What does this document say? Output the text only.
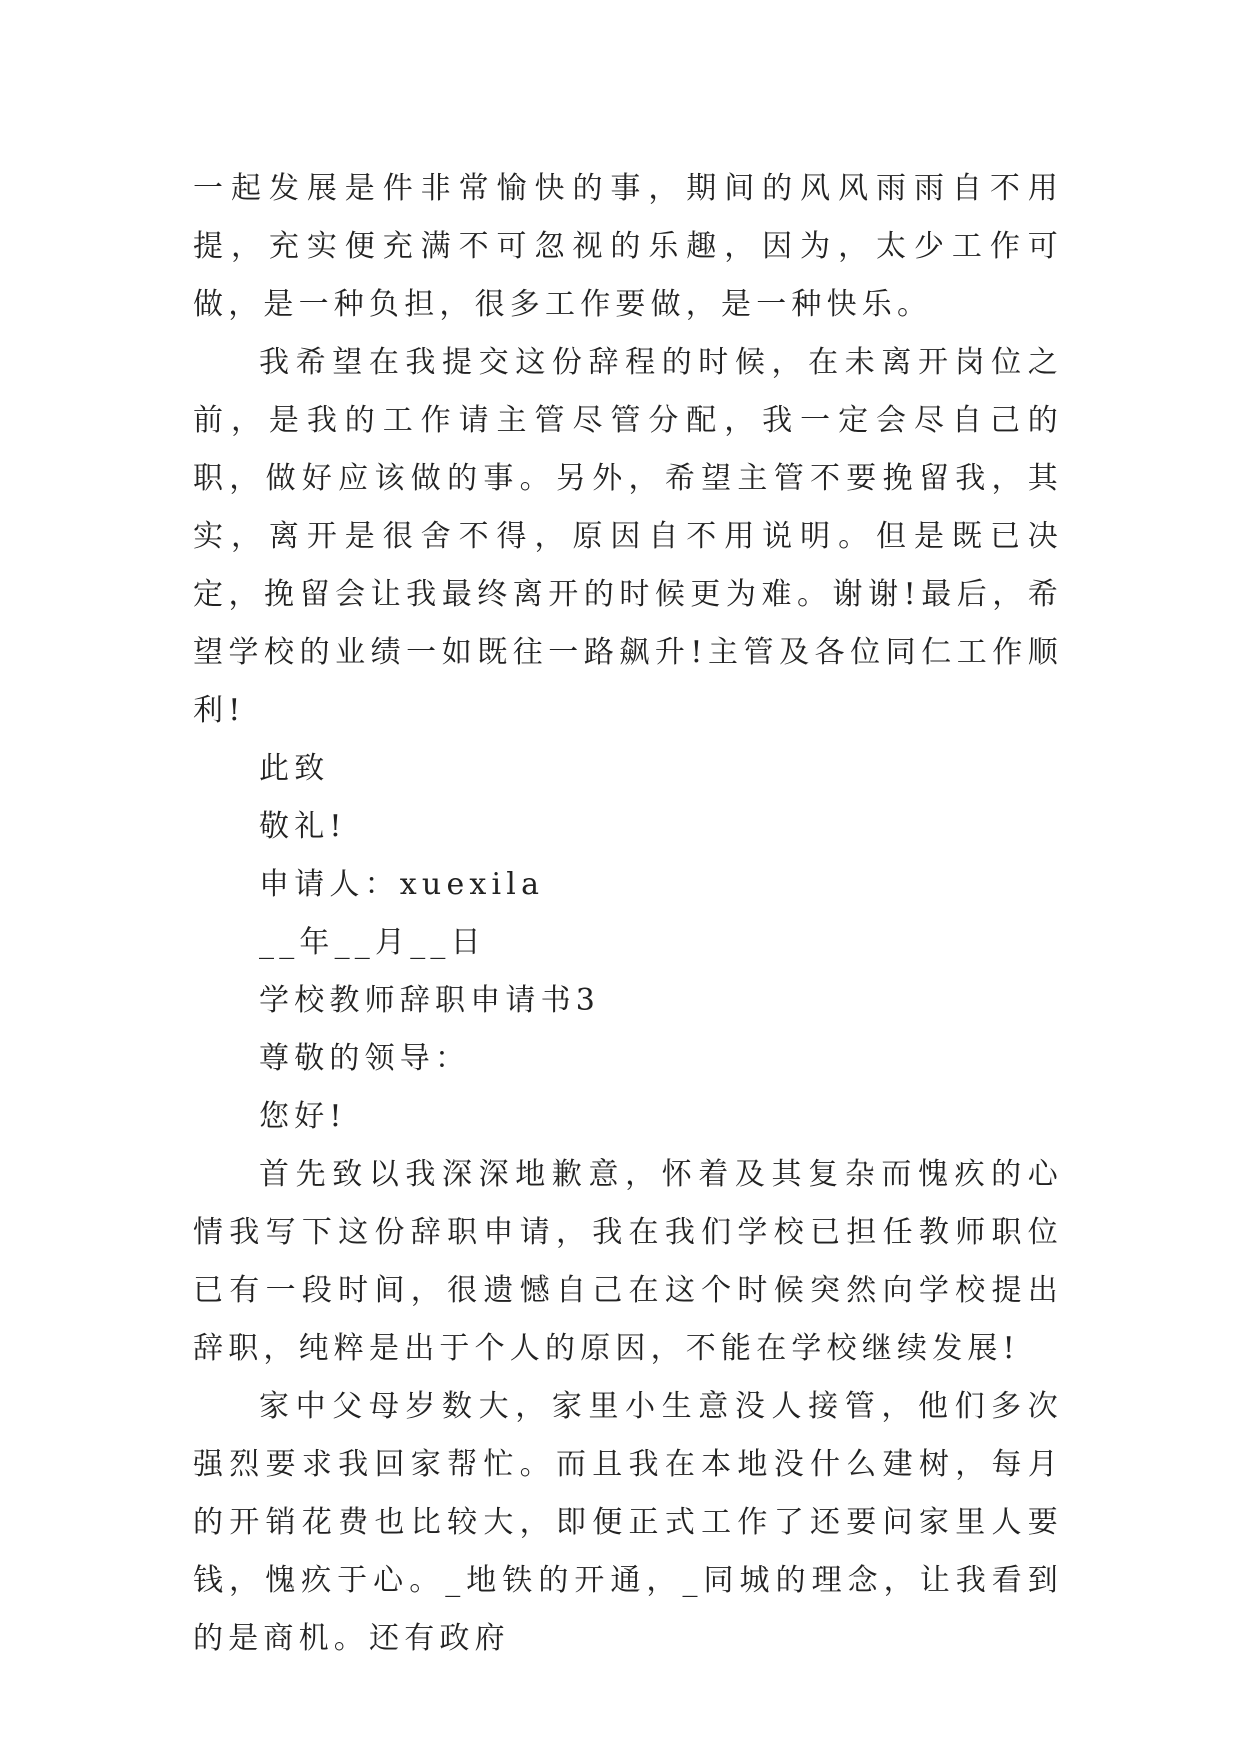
一起发展是件非常愉快的事，期间的风风雨雨自不用提，充实便充满不可忽视的乐趣，因为，太少工作可做，是一种负担，很多工作要做，是一种快乐。

我希望在我提交这份辞程的时候，在未离开岗位之前，是我的工作请主管尽管分配，我一定会尽自己的职，做好应该做的事。另外，希望主管不要挽留我，其实，离开是很舍不得，原因自不用说明。但是既已决定，挽留会让我最终离开的时候更为难。谢谢!最后，希望学校的业绩一如既往一路飙升!主管及各位同仁工作顺利!

此致

敬礼!

申请人：xuexila

__年__月__日

学校教师辞职申请书3

尊敬的领导：

您好!

首先致以我深深地歉意，怀着及其复杂而愧疚的心情我写下这份辞职申请，我在我们学校已担任教师职位已有一段时间，很遗憾自己在这个时候突然向学校提出辞职，纯粹是出于个人的原因，不能在学校继续发展!

家中父母岁数大，家里小生意没人接管，他们多次强烈要求我回家帮忙。而且我在本地没什么建树，每月的开销花费也比较大，即便正式工作了还要问家里人要钱，愧疚于心。_地铁的开通，_同城的理念，让我看到的是商机。还有政府
